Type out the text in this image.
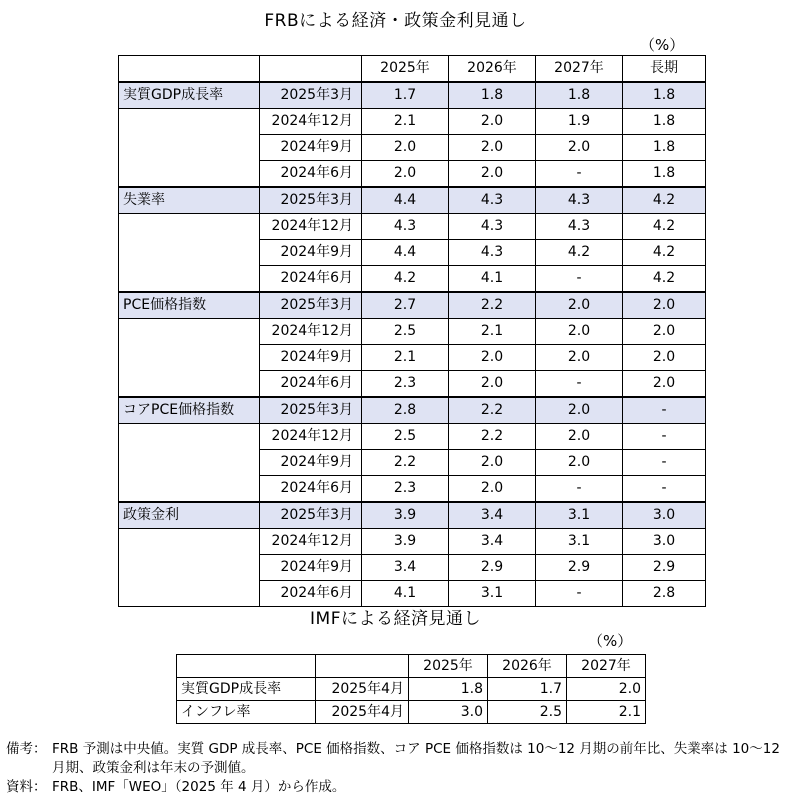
FRBによる経済・政策金利見通し
（%）
		2025年	2026年	2027年	長期
実質GDP成長率	2025年3月	1.7	1.8	1.8	1.8
	2024年12月	2.1	2.0	1.9	1.8
	2024年9月	2.0	2.0	2.0	1.8
	2024年6月	2.0	2.0	-	1.8
失業率	2025年3月	4.4	4.3	4.3	4.2
	2024年12月	4.3	4.3	4.3	4.2
	2024年9月	4.4	4.3	4.2	4.2
	2024年6月	4.2	4.1	-	4.2
PCE価格指数	2025年3月	2.7	2.2	2.0	2.0
	2024年12月	2.5	2.1	2.0	2.0
	2024年9月	2.1	2.0	2.0	2.0
	2024年6月	2.3	2.0	-	2.0
コアPCE価格指数	2025年3月	2.8	2.2	2.0	-
	2024年12月	2.5	2.2	2.0	-
	2024年9月	2.2	2.0	2.0	-
	2024年6月	2.3	2.0	-	-
政策金利	2025年3月	3.9	3.4	3.1	3.0
	2024年12月	3.9	3.4	3.1	3.0
	2024年9月	3.4	2.9	2.9	2.9
	2024年6月	4.1	3.1	-	2.8
IMFによる経済見通し
（%）
		2025年	2026年	2027年
実質GDP成長率	2025年4月	1.8	1.7	2.0
インフレ率	2025年4月	3.0	2.5	2.1
備考： FRB 予測は中央値。実質 GDP 成長率、PCE 価格指数、コア PCE 価格指数は 10～12 月期の前年比、失業率は 10～12 月期、政策金利は年末の予測値。
資料： FRB、IMF「WEO」（2025 年 4 月）から作成。
